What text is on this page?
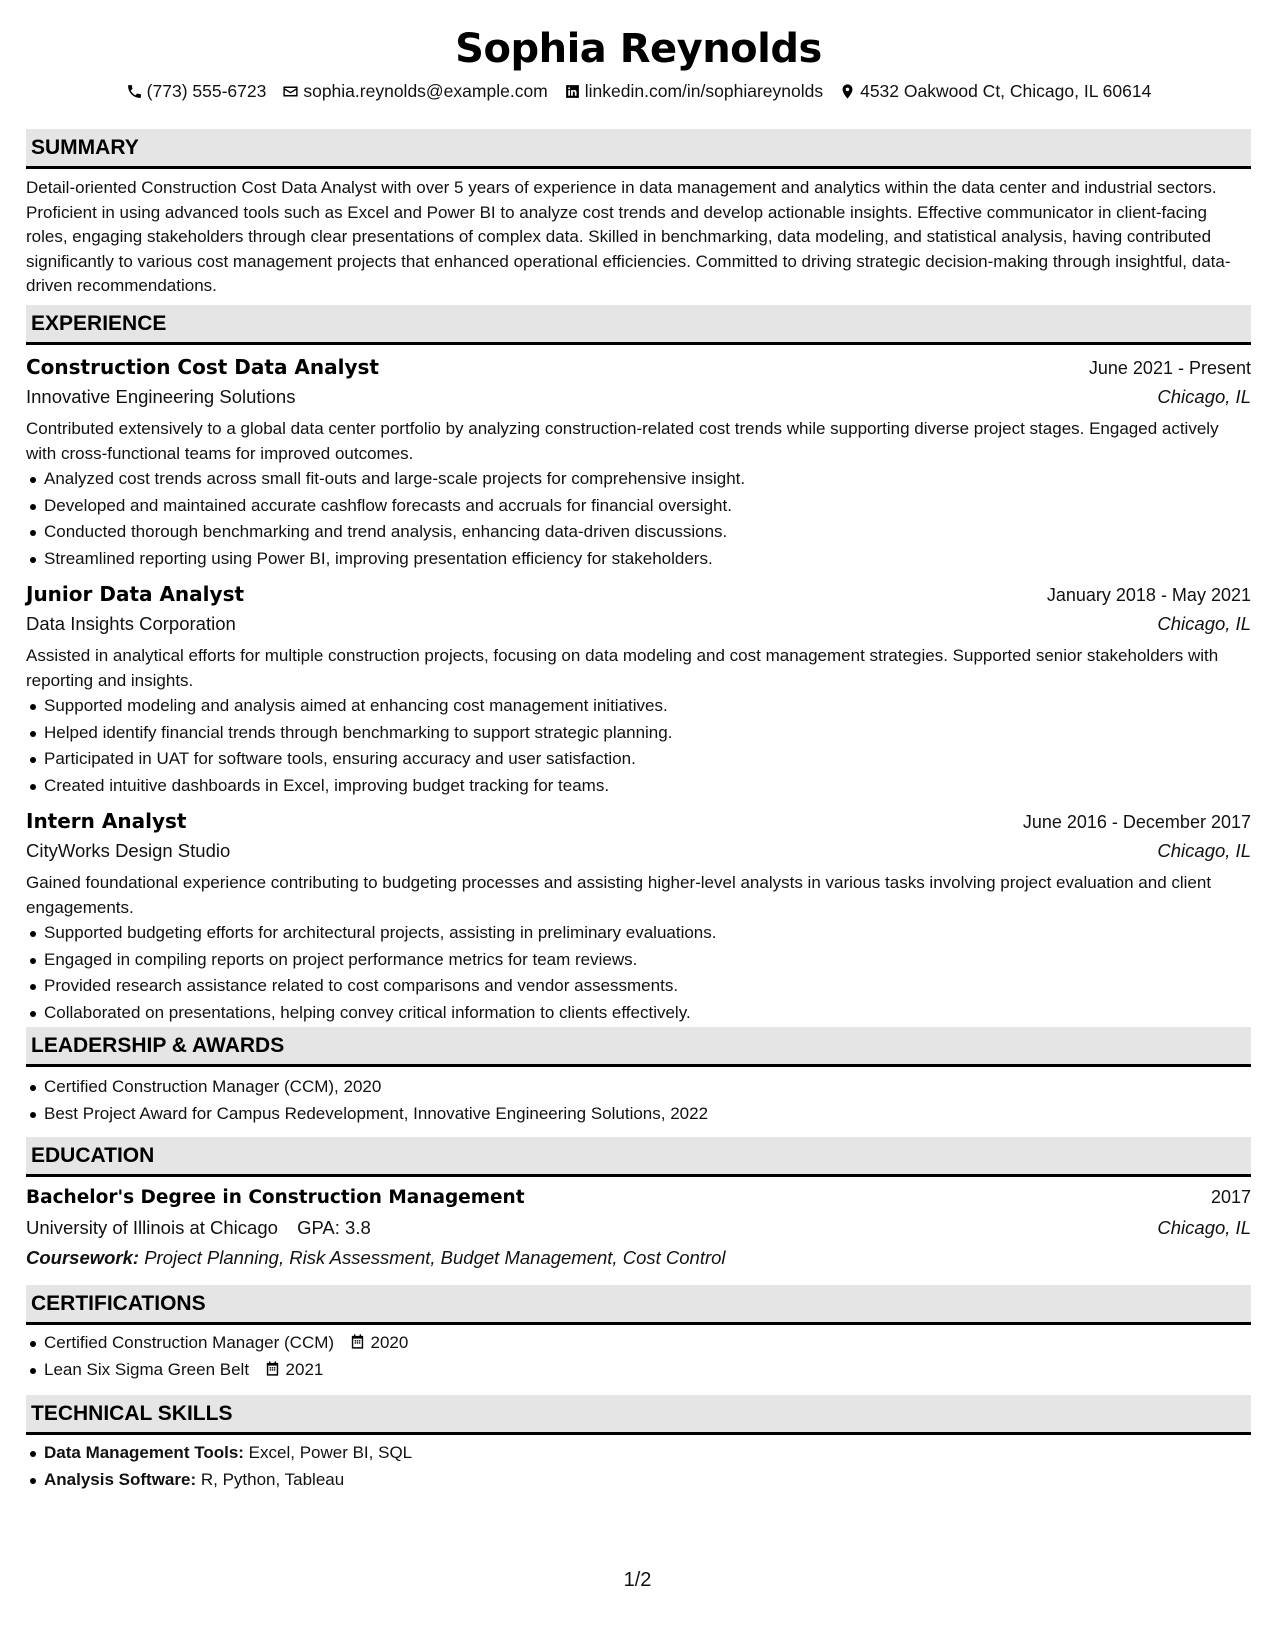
Sophia Reynolds
(773) 555-6723 sophia.reynolds@example.com linkedin.com/in/sophiareynolds 4532 Oakwood Ct, Chicago, IL 60614
SUMMARY
Detail-oriented Construction Cost Data Analyst with over 5 years of experience in data management and analytics within the data center and industrial sectors. Proficient in using advanced tools such as Excel and Power BI to analyze cost trends and develop actionable insights. Effective communicator in client-facing roles, engaging stakeholders through clear presentations of complex data. Skilled in benchmarking, data modeling, and statistical analysis, having contributed significantly to various cost management projects that enhanced operational efficiencies. Committed to driving strategic decision-making through insightful, data-driven recommendations.
EXPERIENCE
Construction Cost Data Analyst	June 2021 - Present
Innovative Engineering Solutions	Chicago, IL
Contributed extensively to a global data center portfolio by analyzing construction-related cost trends while supporting diverse project stages. Engaged actively with cross-functional teams for improved outcomes.
Analyzed cost trends across small fit-outs and large-scale projects for comprehensive insight.
Developed and maintained accurate cashflow forecasts and accruals for financial oversight.
Conducted thorough benchmarking and trend analysis, enhancing data-driven discussions.
Streamlined reporting using Power BI, improving presentation efficiency for stakeholders.
Junior Data Analyst	January 2018 - May 2021
Data Insights Corporation	Chicago, IL
Assisted in analytical efforts for multiple construction projects, focusing on data modeling and cost management strategies. Supported senior stakeholders with reporting and insights.
Supported modeling and analysis aimed at enhancing cost management initiatives.
Helped identify financial trends through benchmarking to support strategic planning.
Participated in UAT for software tools, ensuring accuracy and user satisfaction.
Created intuitive dashboards in Excel, improving budget tracking for teams.
Intern Analyst	June 2016 - December 2017
CityWorks Design Studio	Chicago, IL
Gained foundational experience contributing to budgeting processes and assisting higher-level analysts in various tasks involving project evaluation and client engagements.
Supported budgeting efforts for architectural projects, assisting in preliminary evaluations.
Engaged in compiling reports on project performance metrics for team reviews.
Provided research assistance related to cost comparisons and vendor assessments.
Collaborated on presentations, helping convey critical information to clients effectively.
LEADERSHIP & AWARDS
Certified Construction Manager (CCM), 2020
Best Project Award for Campus Redevelopment, Innovative Engineering Solutions, 2022
EDUCATION
Bachelor's Degree in Construction Management	2017
University of Illinois at Chicago GPA: 3.8	Chicago, IL
Coursework: Project Planning, Risk Assessment, Budget Management, Cost Control
CERTIFICATIONS
Certified Construction Manager (CCM) 2020
Lean Six Sigma Green Belt 2021
TECHNICAL SKILLS
Data Management Tools: Excel, Power BI, SQL
Analysis Software: R, Python, Tableau
1/2
